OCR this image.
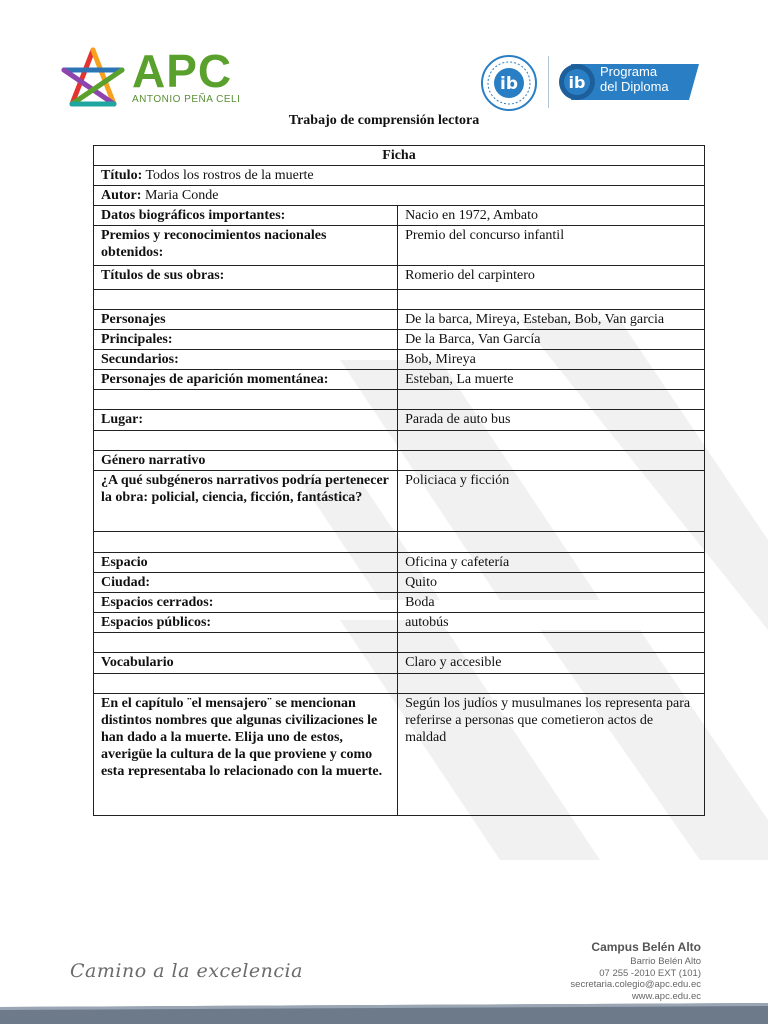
APC
ANTONIO PEÑA CELI
ib	ib
Programa
del Diploma
Trabajo de comprensión lectora
Ficha	
Título: Todos los rostros de la muerte	
Autor: Maria Conde	
Datos biográficos importantes:	Nacio en 1972, Ambato
Premios y reconocimientos nacionales obtenidos:	Premio del concurso infantil
Títulos de sus obras:	Romerio del carpintero

Personajes	De la barca, Mireya, Esteban, Bob, Van garcia
Principales:	De la Barca, Van García
Secundarios:	Bob, Mireya
Personajes de aparición momentánea:	Esteban, La muerte

Lugar:	Parada de auto bus

Género narrativo	
¿A qué subgéneros narrativos podría pertenecer la obra: policial, ciencia, ficción, fantástica?	Policiaca y ficción

Espacio	Oficina y cafetería
Ciudad:	Quito
Espacios cerrados:	Boda
Espacios públicos:	autobús

Vocabulario	Claro y accesible

En el capítulo ¨el mensajero¨ se mencionan distintos nombres que algunas civilizaciones le han dado a la muerte. Elija uno de estos, averigüe la cultura de la que proviene y como esta representaba lo relacionado con la muerte.	Según los judíos y musulmanes los representa para referirse a personas que cometieron actos de maldad
Camino a la excelencia
Campus Belén Alto
Barrio Belén Alto
07 255 -2010 EXT (101)
secretaria.colegio@apc.edu.ec
www.apc.edu.ec
